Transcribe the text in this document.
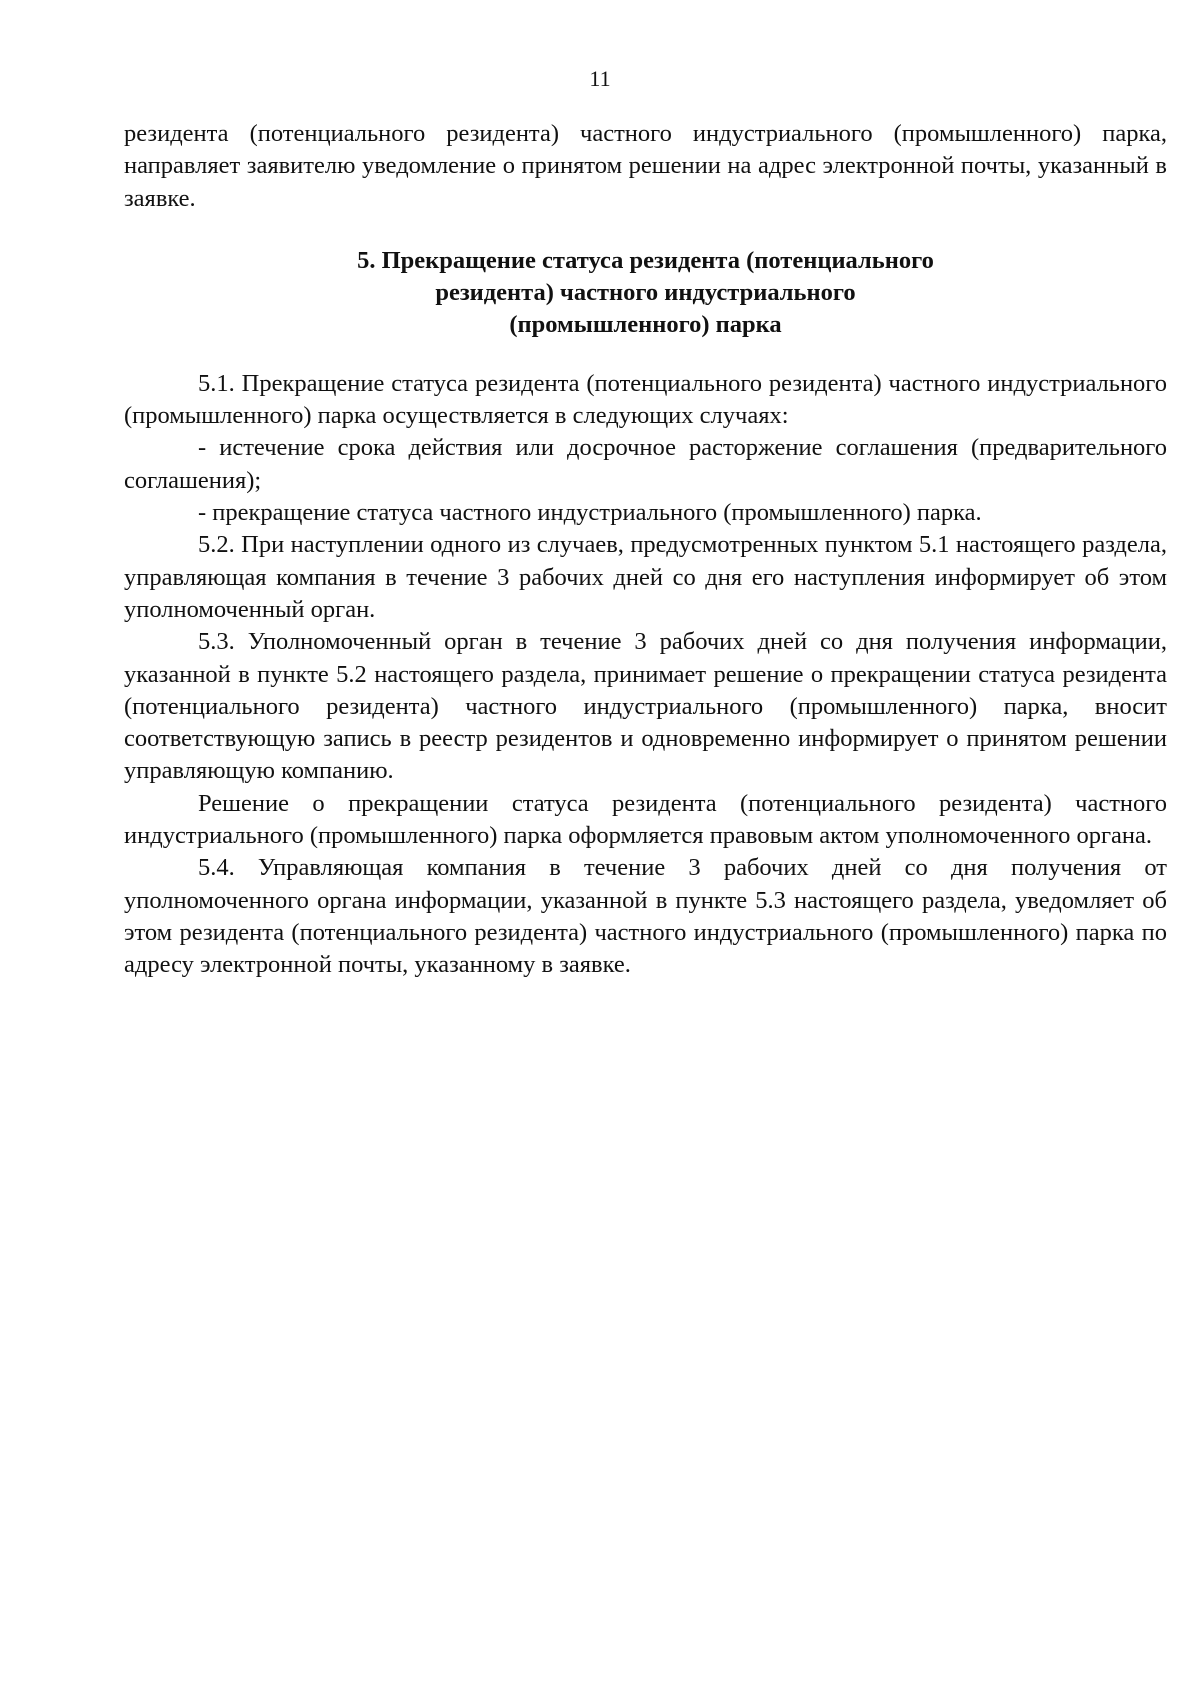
11

резидента (потенциального резидента) частного индустриального (промышленного) парка, направляет заявителю уведомление о принятом решении на адрес электронной почты, указанный в заявке.

5. Прекращение статуса резидента (потенциального
резидента) частного индустриального
(промышленного) парка

5.1. Прекращение статуса резидента (потенциального резидента) частного индустриального (промышленного) парка осуществляется в следующих случаях:

- истечение срока действия или досрочное расторжение соглашения (предварительного соглашения);

- прекращение статуса частного индустриального (промышленного) парка.

5.2. При наступлении одного из случаев, предусмотренных пунктом 5.1 настоящего раздела, управляющая компания в течение 3 рабочих дней со дня его наступления информирует об этом уполномоченный орган.

5.3. Уполномоченный орган в течение 3 рабочих дней со дня получения информации, указанной в пункте 5.2 настоящего раздела, принимает решение о прекращении статуса резидента (потенциального резидента) частного индустриального (промышленного) парка, вносит соответствующую запись в реестр резидентов и одновременно информирует о принятом решении управляющую компанию.

Решение о прекращении статуса резидента (потенциального резидента) частного индустриального (промышленного) парка оформляется правовым актом уполномоченного органа.

5.4. Управляющая компания в течение 3 рабочих дней со дня получения от уполномоченного органа информации, указанной в пункте 5.3 настоящего раздела, уведомляет об этом резидента (потенциального резидента) частного индустриального (промышленного) парка по адресу электронной почты, указанному в заявке.
